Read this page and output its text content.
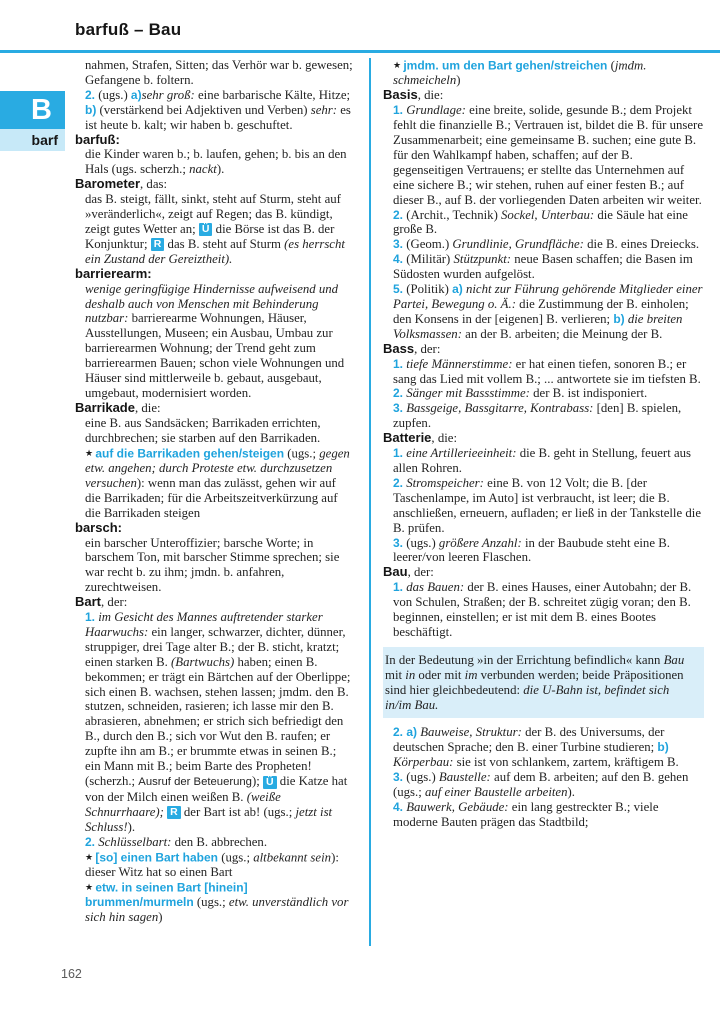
barfuß – Bau
B
barf
nahmen, Strafen, Sitten; das Verhör war b. gewesen; Gefangene b. foltern.
2. (ugs.) a)sehr groß: eine barbarische Kälte, Hitze; b) (verstärkend bei Adjektiven und Verben) sehr: es ist heute b. kalt; wir haben b. geschuftet.
barfuß:
die Kinder waren b.; b. laufen, gehen; b. bis an den Hals (ugs. scherzh.; nackt).
Barometer, das:
das B. steigt, fällt, sinkt, steht auf Sturm, steht auf »veränderlich«, zeigt auf Regen; das B. kündigt, zeigt gutes Wetter an; Ü die Börse ist das B. der Konjunktur; R das B. steht auf Sturm (es herrscht ein Zustand der Gereiztheit).
barrierearm:
wenige geringfügige Hindernisse aufweisend und deshalb auch von Menschen mit Behinderung nutzbar: barrierearme Wohnungen, Häuser, Ausstellungen, Museen; ein Ausbau, Umbau zur barrierearmen Wohnung; der Trend geht zum barrierearmen Bauen; schon viele Wohnungen und Häuser sind mittlerweile b. gebaut, ausgebaut, umgebaut, modernisiert worden.
Barrikade, die:
eine B. aus Sandsäcken; Barrikaden errichten, durchbrechen; sie starben auf den Barrikaden.
★ auf die Barrikaden gehen/steigen (ugs.; gegen etw. angehen; durch Proteste etw. durchzusetzen versuchen): wenn man das zulässt, gehen wir auf die Barrikaden; für die Arbeitszeitverkürzung auf die Barrikaden steigen
barsch:
ein barscher Unteroffizier; barsche Worte; in barschem Ton, mit barscher Stimme sprechen; sie war recht b. zu ihm; jmdn. b. anfahren, zurechtweisen.
Bart, der:
1. im Gesicht des Mannes auftretender starker Haarwuchs: ein langer, schwarzer, dichter, dünner, struppiger, drei Tage alter B.; der B. sticht, kratzt; einen starken B. (Bartwuchs) haben; einen B. bekommen; er trägt ein Bärtchen auf der Oberlippe; sich einen B. wachsen, stehen lassen; jmdm. den B. stutzen, schneiden, rasieren; ich lasse mir den B. abrasieren, abnehmen; er strich sich befriedigt den B., durch den B.; sich vor Wut den B. raufen; er zupfte ihn am B.; er brummte etwas in seinen B.; ein Mann mit B.; beim Barte des Propheten! (scherzh.; Ausruf der Beteuerung); Ü die Katze hat von der Milch einen weißen B. (weiße Schnurrhaare); R der Bart ist ab! (ugs.; jetzt ist Schluss!).
2. Schlüsselbart: den B. abbrechen.
★ [so] einen Bart haben (ugs.; altbekannt sein): dieser Witz hat so einen Bart
★ etw. in seinen Bart [hinein] brummen/murmeln (ugs.; etw. unverständlich vor sich hin sagen)
★ jmdm. um den Bart gehen/streichen (jmdm. schmeicheln)
Basis, die:
1. Grundlage: eine breite, solide, gesunde B.; dem Projekt fehlt die finanzielle B.; Vertrauen ist, bildet die B. für unsere Zusammenarbeit; eine gemeinsame B. suchen; eine gute B. für den Wahlkampf haben, schaffen; auf der B. gegenseitigen Vertrauens; er stellte das Unternehmen auf eine sichere B.; wir stehen, ruhen auf einer festen B.; auf dieser B., auf B. der vorliegenden Daten arbeiten wir weiter.
2. (Archit., Technik) Sockel, Unterbau: die Säule hat eine große B.
3. (Geom.) Grundlinie, Grundfläche: die B. eines Dreiecks.
4. (Militär) Stützpunkt: neue Basen schaffen; die Basen im Südosten wurden aufgelöst.
5. (Politik) a) nicht zur Führung gehörende Mitglieder einer Partei, Bewegung o. Ä.: die Zustimmung der B. einholen; den Konsens in der [eigenen] B. verlieren; b) die breiten Volksmassen: an der B. arbeiten; die Meinung der B.
Bass, der:
1. tiefe Männerstimme: er hat einen tiefen, sonoren B.; er sang das Lied mit vollem B.; ... antwortete sie im tiefsten B.
2. Sänger mit Bassstimme: der B. ist indisponiert.
3. Bassgeige, Bassgitarre, Kontrabass: [den] B. spielen, zupfen.
Batterie, die:
1. eine Artillerieeinheit: die B. geht in Stellung, feuert aus allen Rohren.
2. Stromspeicher: eine B. von 12 Volt; die B. [der Taschenlampe, im Auto] ist verbraucht, ist leer; die B. anschließen, erneuern, aufladen; er ließ in der Tankstelle die B. prüfen.
3. (ugs.) größere Anzahl: in der Baubude steht eine B. leerer/von leeren Flaschen.
Bau, der:
1. das Bauen: der B. eines Hauses, einer Autobahn; der B. von Schulen, Straßen; der B. schreitet zügig voran; den B. beginnen, einstellen; er ist mit dem B. eines Bootes beschäftigt.
In der Bedeutung »in der Errichtung befindlich« kann Bau mit in oder mit im verbunden werden; beide Präpositionen sind hier gleichbedeutend: die U-Bahn ist, befindet sich in/im Bau.
2. a) Bauweise, Struktur: der B. des Universums, der deutschen Sprache; den B. einer Turbine studieren; b) Körperbau: sie ist von schlankem, zartem, kräftigem B.
3. (ugs.) Baustelle: auf dem B. arbeiten; auf den B. gehen (ugs.; auf einer Baustelle arbeiten).
4. Bauwerk, Gebäude: ein lang gestreckter B.; viele moderne Bauten prägen das Stadtbild;
162
